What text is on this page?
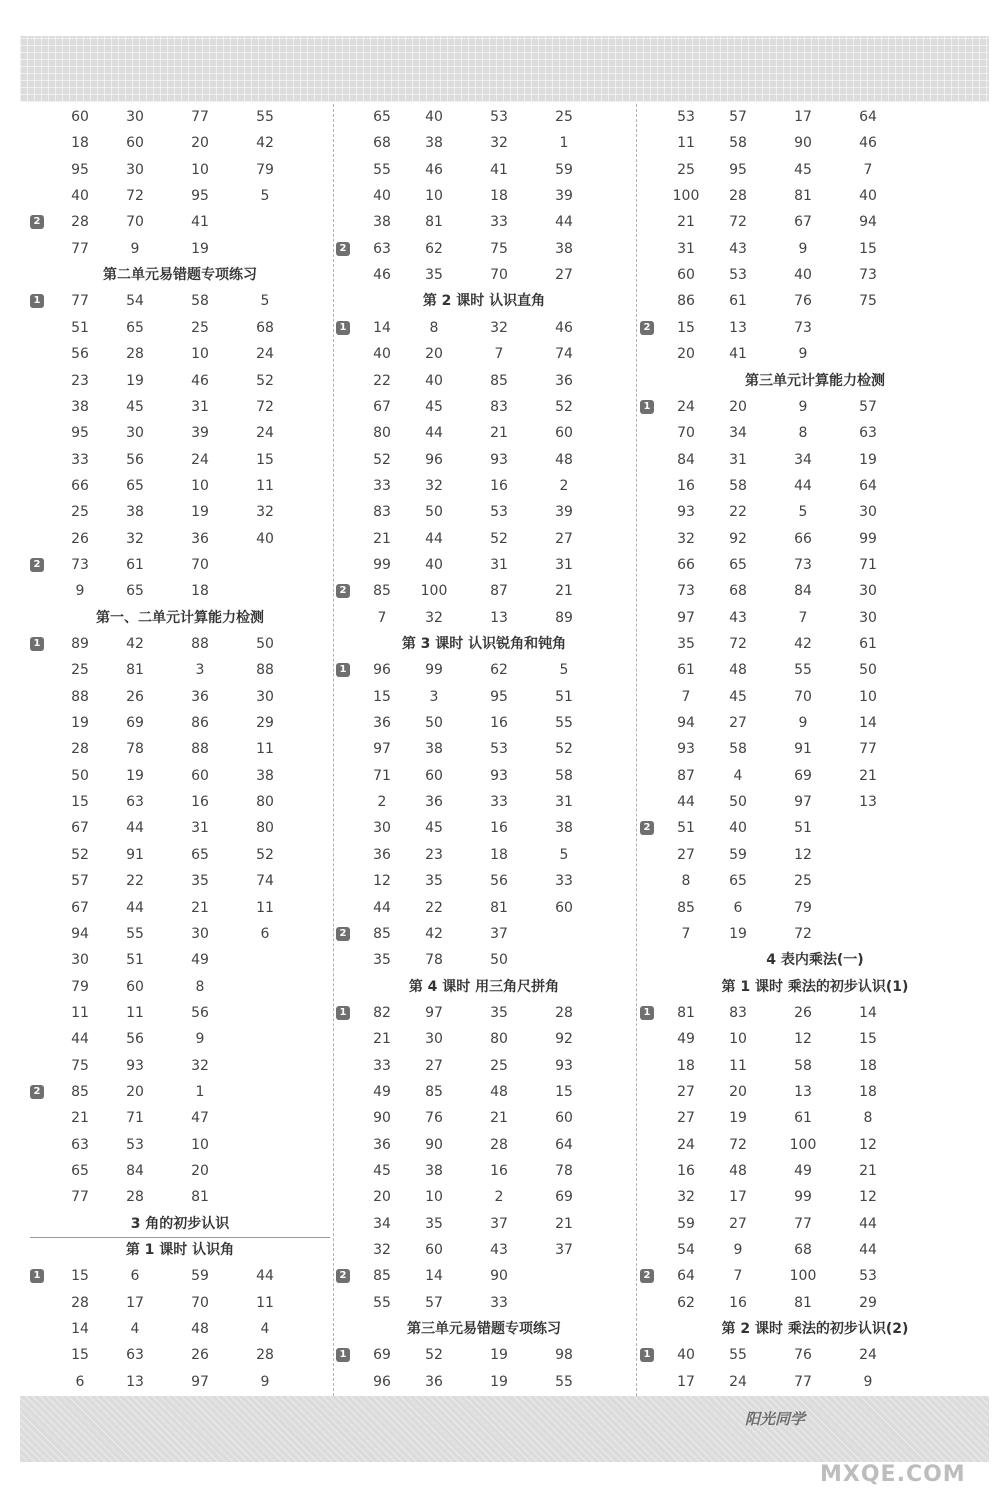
60	30	77	55
18	60	20	42
95	30	10	79
40	72	95	5
2	28	70	41
77	9	19
第二单元易错题专项练习
1	77	54	58	5
51	65	25	68
56	28	10	24
23	19	46	52
38	45	31	72
95	30	39	24
33	56	24	15
66	65	10	11
25	38	19	32
26	32	36	40
2	73	61	70
9	65	18
第一、二单元计算能力检测
1	89	42	88	50
25	81	3	88
88	26	36	30
19	69	86	29
28	78	88	11
50	19	60	38
15	63	16	80
67	44	31	80
52	91	65	52
57	22	35	74
67	44	21	11
94	55	30	6
30	51	49
79	60	8
11	11	56
44	56	9
75	93	32
2	85	20	1
21	71	47
63	53	10
65	84	20
77	28	81
3 角的初步认识
第 1 课时 认识角
1	15	6	59	44
28	17	70	11
14	4	48	4
15	63	26	28
6	13	97	9
65	40	53	25
68	38	32	1
55	46	41	59
40	10	18	39
38	81	33	44
2	63	62	75	38
46	35	70	27
第 2 课时 认识直角
1	14	8	32	46
40	20	7	74
22	40	85	36
67	45	83	52
80	44	21	60
52	96	93	48
33	32	16	2
83	50	53	39
21	44	52	27
99	40	31	31
2	85	100	87	21
7	32	13	89
第 3 课时 认识锐角和钝角
1	96	99	62	5
15	3	95	51
36	50	16	55
97	38	53	52
71	60	93	58
2	36	33	31
30	45	16	38
36	23	18	5
12	35	56	33
44	22	81	60
2	85	42	37
35	78	50
第 4 课时 用三角尺拼角
1	82	97	35	28
21	30	80	92
33	27	25	93
49	85	48	15
90	76	21	60
36	90	28	64
45	38	16	78
20	10	2	69
34	35	37	21
32	60	43	37
2	85	14	90
55	57	33
第三单元易错题专项练习
1	69	52	19	98
96	36	19	55
53	57	17	64
11	58	90	46
25	95	45	7
100	28	81	40
21	72	67	94
31	43	9	15
60	53	40	73
86	61	76	75
2	15	13	73
20	41	9
第三单元计算能力检测
1	24	20	9	57
70	34	8	63
84	31	34	19
16	58	44	64
93	22	5	30
32	92	66	99
66	65	73	71
73	68	84	30
97	43	7	30
35	72	42	61
61	48	55	50
7	45	70	10
94	27	9	14
93	58	91	77
87	4	69	21
44	50	97	13
2	51	40	51
27	59	12
8	65	25
85	6	79
7	19	72
4 表内乘法(一)
第 1 课时 乘法的初步认识(1)
1	81	83	26	14
49	10	12	15
18	11	58	18
27	20	13	18
27	19	61	8
24	72	100	12
16	48	49	21
32	17	99	12
59	27	77	44
54	9	68	44
2	64	7	100	53
62	16	81	29
第 2 课时 乘法的初步认识(2)
1	40	55	76	24
17	24	77	9
阳光同学
MXQE.COM
